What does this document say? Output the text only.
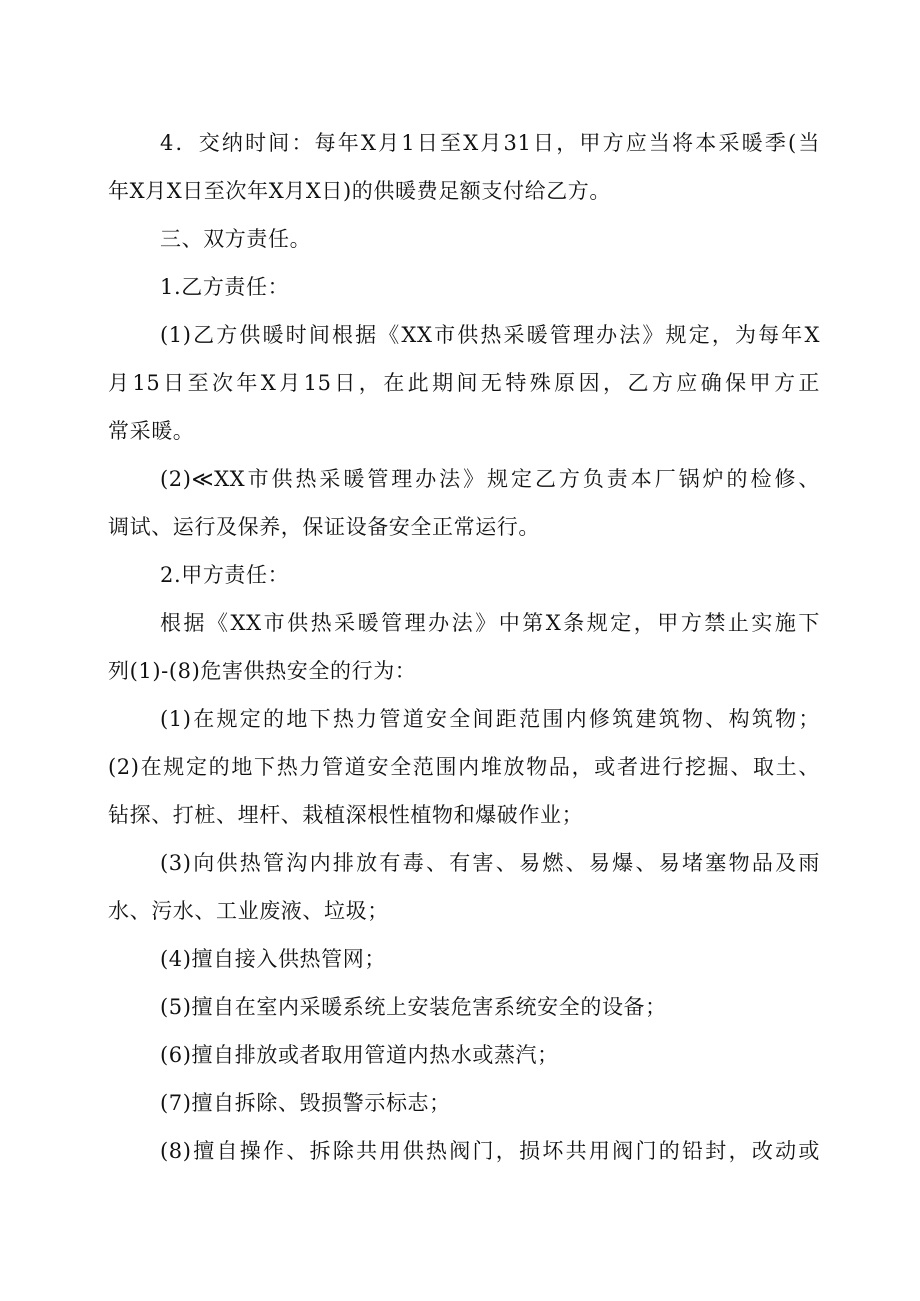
4．交纳时间：每年X月1日至X月31日，甲方应当将本采暖季(当
年X月X日至次年X月X日)的供暖费足额支付给乙方。
三、双方责任。
1.乙方责任：
(1)乙方供暖时间根据《XX市供热采暖管理办法》规定，为每年X
月15日至次年X月15日，在此期间无特殊原因，乙方应确保甲方正
常采暖。
(2)≪XX市供热采暖管理办法》规定乙方负责本厂锅炉的检修、
调试、运行及保养，保证设备安全正常运行。
2.甲方责任：
根据《XX市供热采暖管理办法》中第X条规定，甲方禁止实施下
列(1)-(8)危害供热安全的行为：
(1)在规定的地下热力管道安全间距范围内修筑建筑物、构筑物；
(2)在规定的地下热力管道安全范围内堆放物品，或者进行挖掘、取土、
钻探、打桩、埋杆、栽植深根性植物和爆破作业；
(3)向供热管沟内排放有毒、有害、易燃、易爆、易堵塞物品及雨
水、污水、工业废液、垃圾；
(4)擅自接入供热管网；
(5)擅自在室内采暖系统上安装危害系统安全的设备；
(6)擅自排放或者取用管道内热水或蒸汽；
(7)擅自拆除、毁损警示标志；
(8)擅自操作、拆除共用供热阀门，损坏共用阀门的铅封，改动或
